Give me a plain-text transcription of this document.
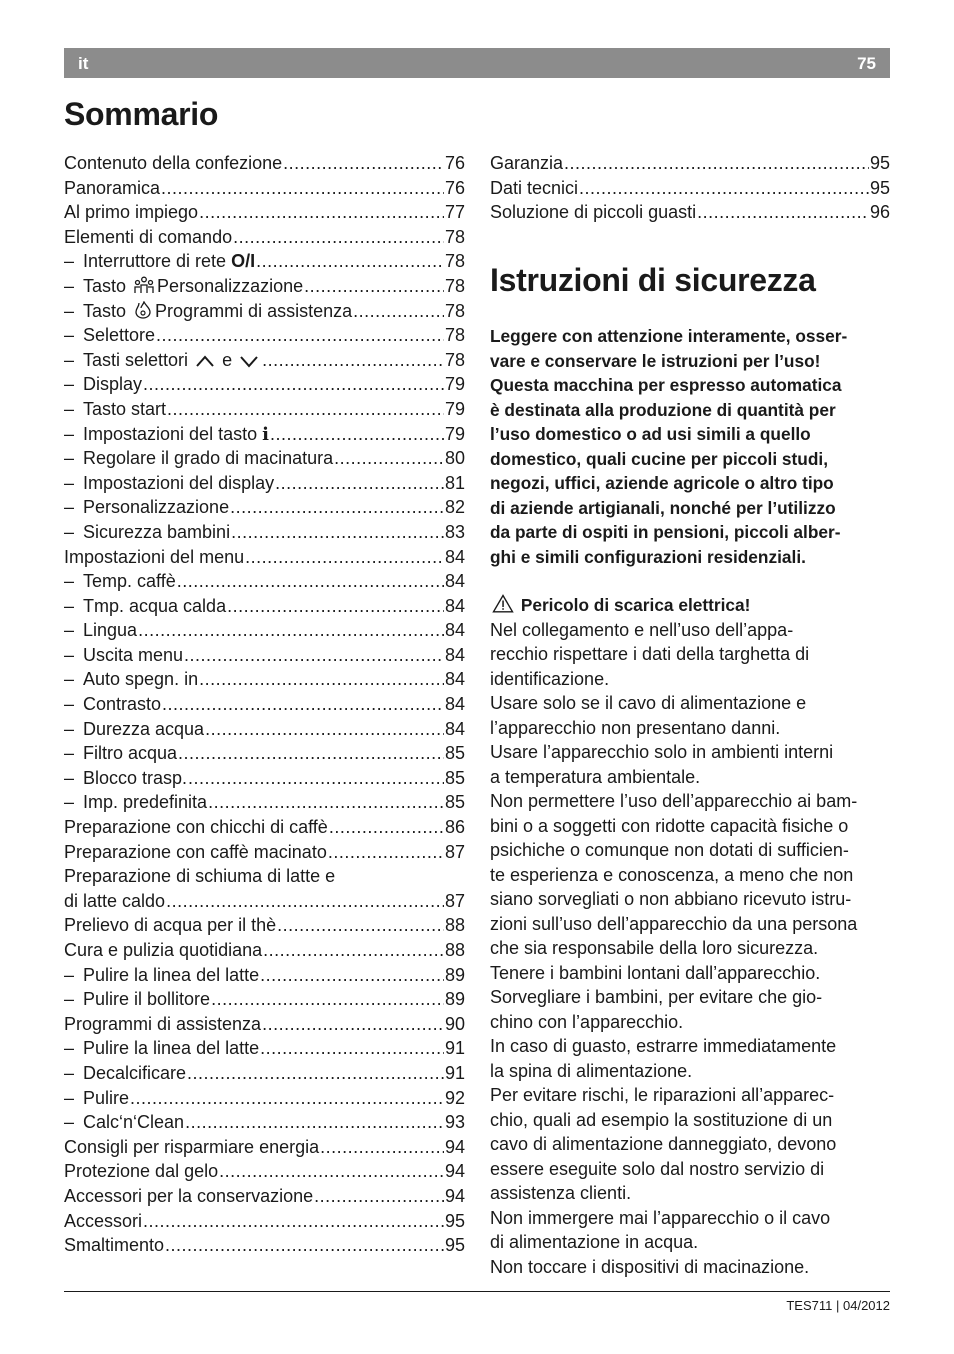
it	75
Sommario
Contenuto della confezione .....	76
Panoramica .....	76
Al primo impiego .....	77
Elementi di comando .....	78
– Interruttore di rete O/I .....	78
– Tasto Personalizzazione .....	78
– Tasto Programmi di assistenza .....	78
– Selettore .....	78
– Tasti selettori e .....	78
– Display .....	79
– Tasto start .....	79
– Impostazioni del tasto i .....	79
– Regolare il grado di macinatura .....	80
– Impostazioni del display .....	81
– Personalizzazione .....	82
– Sicurezza bambini .....	83
Impostazioni del menu .....	84
– Temp. caffè .....	84
– Tmp. acqua calda .....	84
– Lingua .....	84
– Uscita menu .....	84
– Auto spegn. in .....	84
– Contrasto .....	84
– Durezza acqua .....	84
– Filtro acqua .....	85
– Blocco trasp. .....	85
– Imp. predefinita .....	85
Preparazione con chicchi di caffè .....	86
Preparazione con caffè macinato .....	87
Preparazione di schiuma di latte e
di latte caldo .....	87
Prelievo di acqua per il thè .....	88
Cura e pulizia quotidiana .....	88
– Pulire la linea del latte .....	89
– Pulire il bollitore .....	89
Programmi di assistenza .....	90
– Pulire la linea del latte .....	91
– Decalcificare .....	91
– Pulire .....	92
– Calc‘n‘Clean .....	93
Consigli per risparmiare energia .....	94
Protezione dal gelo .....	94
Accessori per la conservazione .....	94
Accessori .....	95
Smaltimento .....	95
Garanzia .....	95
Dati tecnici .....	95
Soluzione di piccoli guasti .....	96
Istruzioni di sicurezza

Leggere con attenzione interamente, osser-

vare e conservare le istruzioni per l’uso!

Questa macchina per espresso automatica

è destinata alla produzione di quantità per

l’uso domestico o ad usi simili a quello

domestico, quali cucine per piccoli studi,

negozi, uffici, aziende agricole o altro tipo

di aziende artigianali, nonché per l’utilizzo

da parte di ospiti in pensioni, piccoli alber-

ghi e simili configurazioni residenziali.

Pericolo di scarica elettrica!

Nel collegamento e nell’uso dell’appa-

recchio rispettare i dati della targhetta di

identificazione.

Usare solo se il cavo di alimentazione e

l’apparecchio non presentano danni.

Usare l’apparecchio solo in ambienti interni

a temperatura ambientale.

Non permettere l’uso dell’apparecchio ai bam-

bini o a soggetti con ridotte capacità fisiche o

psichiche o comunque non dotati di sufficien-

te esperienza e conoscenza, a meno che non

siano sorvegliati o non abbiano ricevuto istru-

zioni sull’uso dell’apparecchio da una persona

che sia responsabile della loro sicurezza.

Tenere i bambini lontani dall’apparecchio.

Sorvegliare i bambini, per evitare che gio-

chino con l’apparecchio.

In caso di guasto, estrarre immediatamente

la spina di alimentazione.

Per evitare rischi, le riparazioni all’apparec-

chio, quali ad esempio la sostituzione di un

cavo di alimentazione danneggiato, devono

essere eseguite solo dal nostro servizio di

assistenza clienti.

Non immergere mai l’apparecchio o il cavo

di alimentazione in acqua.

Non toccare i dispositivi di macinazione.

TES711 | 04/2012
